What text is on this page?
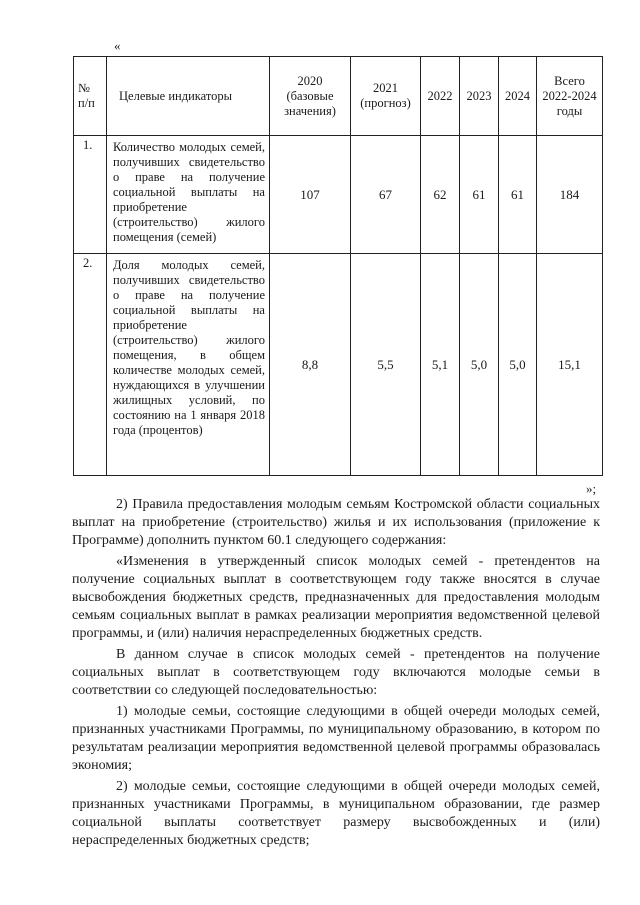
«
№ п/п	Целевые индикаторы	2020 (базовые значения)	2021 (прогноз)	2022	2023	2024	Всего 2022-2024 годы
1.	Количество молодых семей, получивших свидетельство о праве на получение социальной выплаты на приобретение (строительство) жилого помещения (семей)	107	67	62	61	61	184
2.	Доля молодых семей, получивших свидетельство о праве на получение социальной выплаты на приобретение (строительство) жилого помещения, в общем количестве молодых семей, нуждающихся в улучшении жилищных условий, по состоянию на 1 января 2018 года (процентов)	8,8	5,5	5,1	5,0	5,0	15,1
»;

2) Правила предоставления молодым семьям Костромской области социальных выплат на приобретение (строительство) жилья и их использования (приложение к Программе) дополнить пунктом 60.1 следующего содержания:

«Изменения в утвержденный список молодых семей - претендентов на получение социальных выплат в соответствующем году также вносятся в случае высвобождения бюджетных средств, предназначенных для предоставления молодым семьям социальных выплат в рамках реализации мероприятия ведомственной целевой программы, и (или) наличия нераспределенных бюджетных средств.

В данном случае в список молодых семей - претендентов на получение социальных выплат в соответствующем году включаются молодые семьи в соответствии со следующей последовательностью:

1) молодые семьи, состоящие следующими в общей очереди молодых семей, признанных участниками Программы, по муниципальному образованию, в котором по результатам реализации мероприятия ведомственной целевой программы образовалась экономия;

2) молодые семьи, состоящие следующими в общей очереди молодых семей, признанных участниками Программы, в муниципальном образовании, где размер социальной выплаты соответствует размеру высвобожденных и (или) нераспределенных бюджетных средств;
